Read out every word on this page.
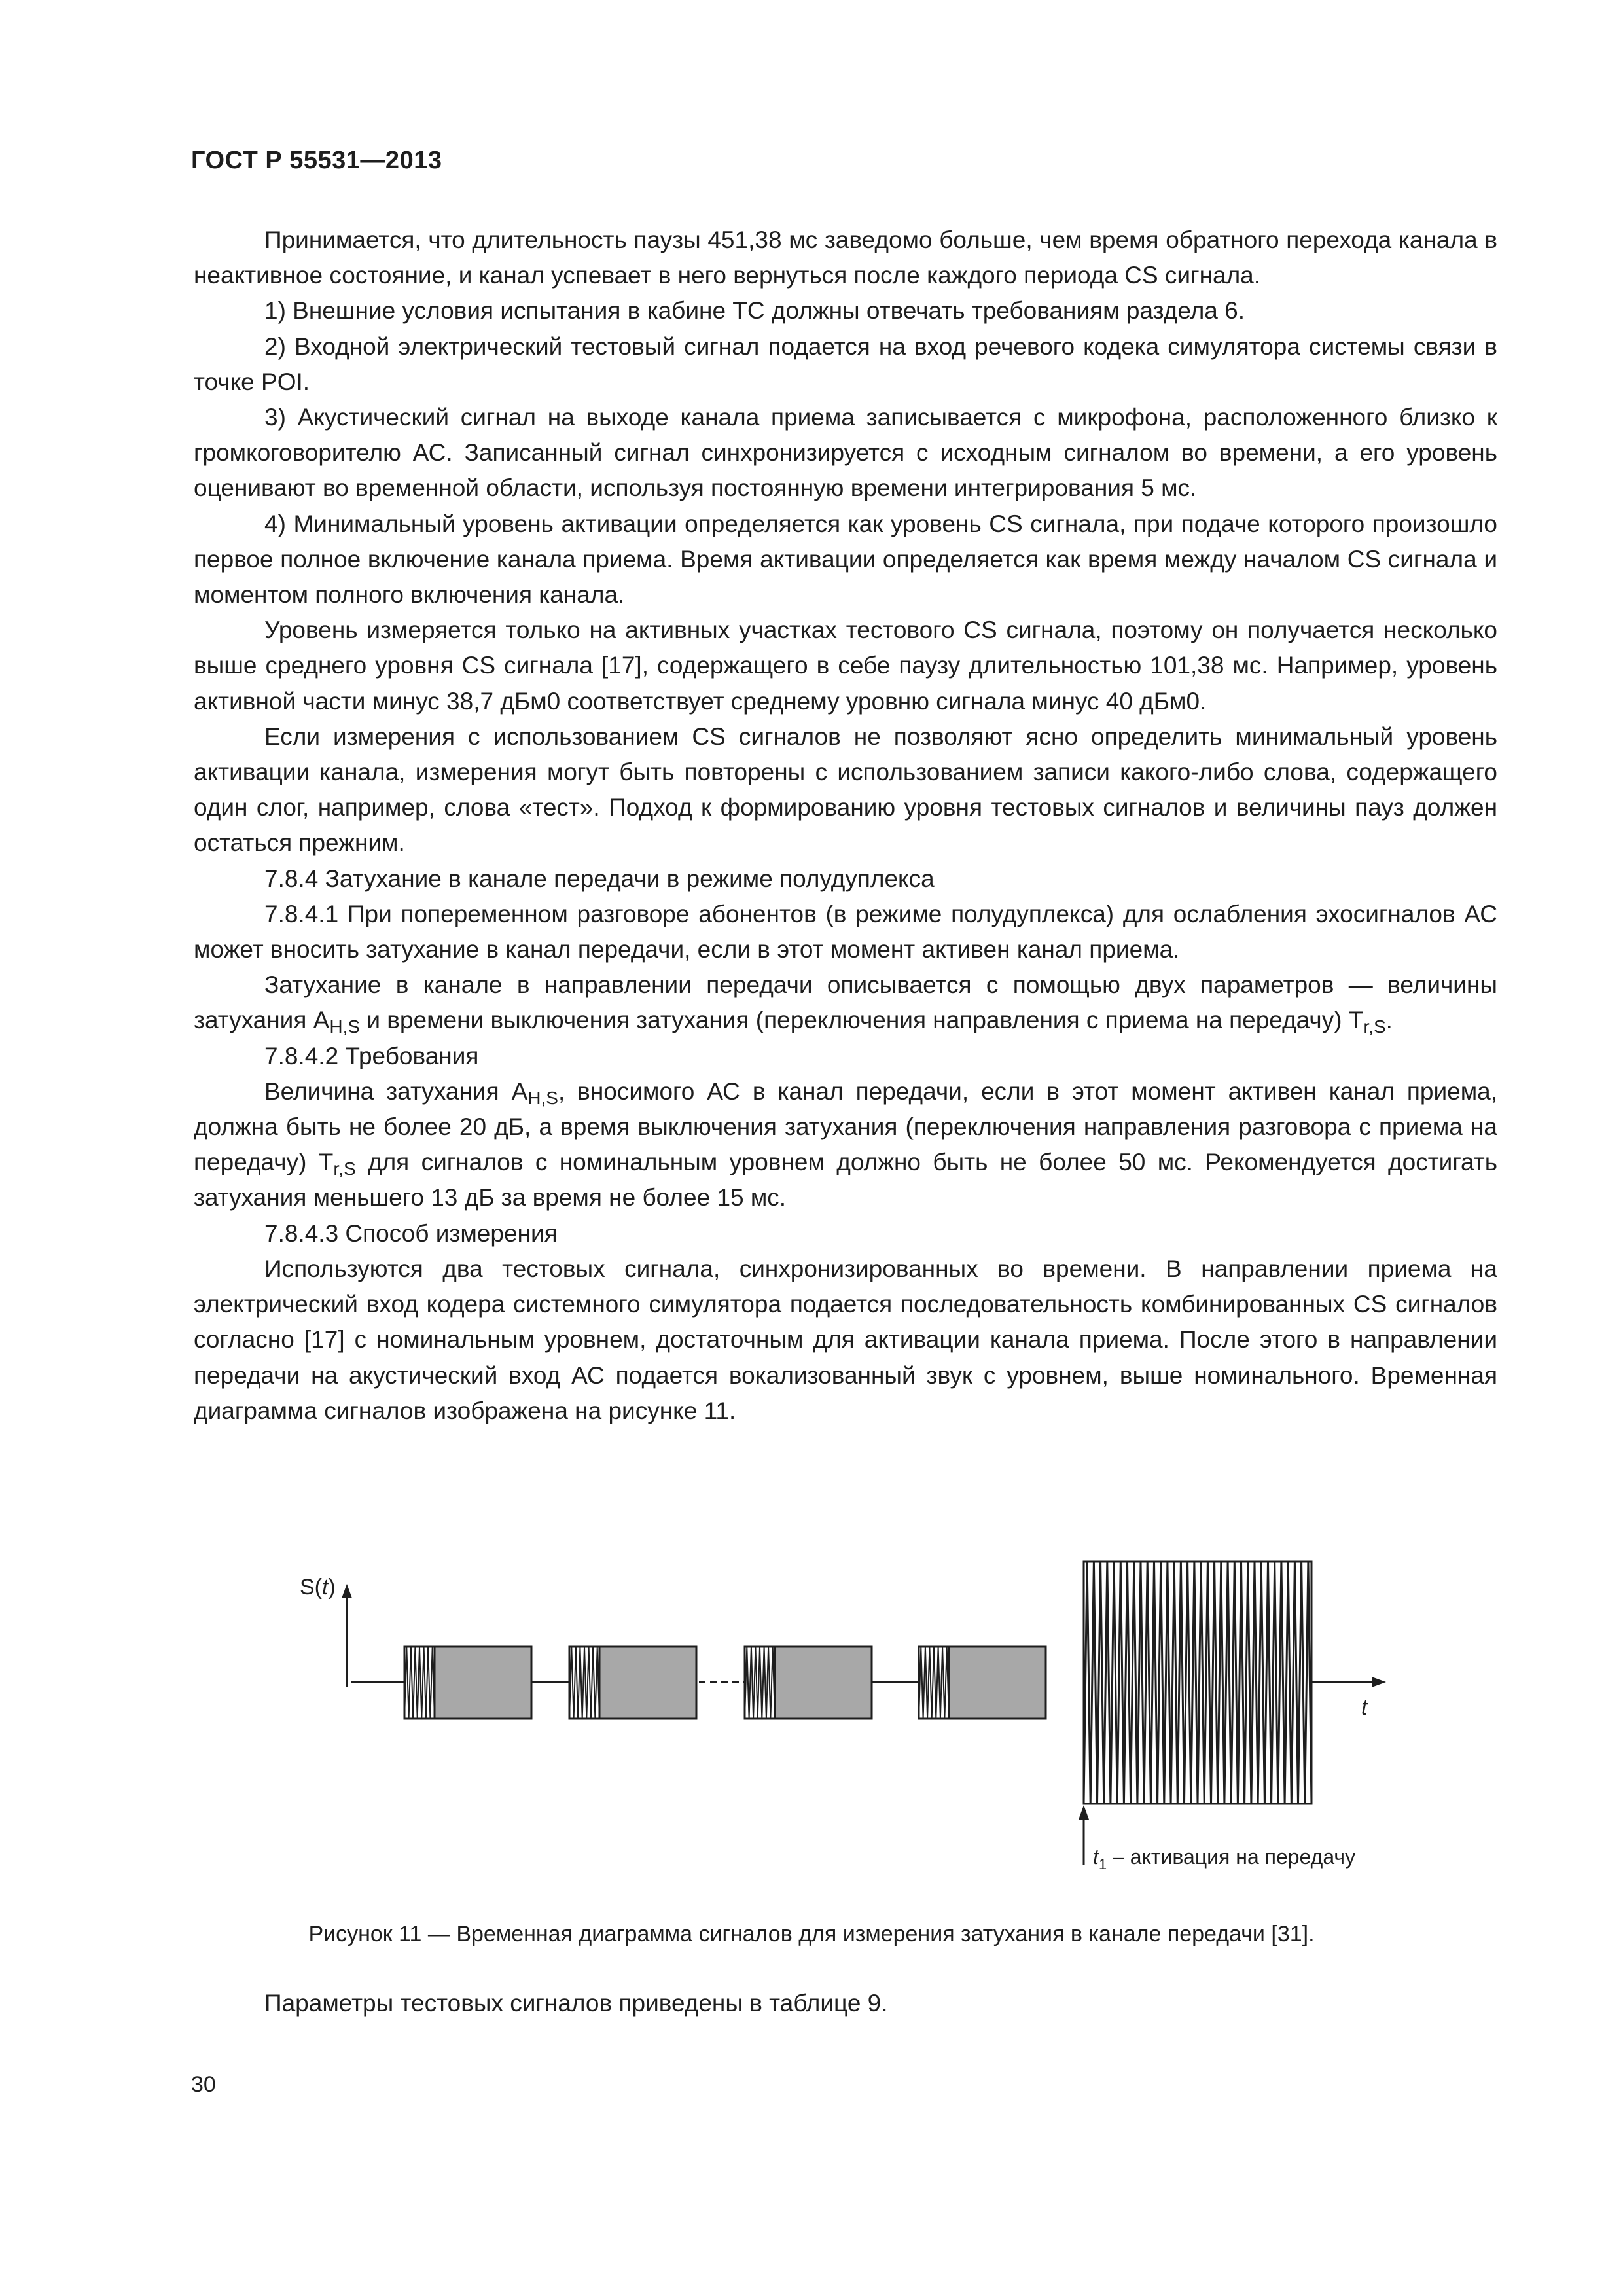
ГОСТ Р 55531—2013

Принимается, что длительность паузы 451,38 мс заведомо больше, чем время обратного перехода канала в неактивное состояние, и канал успевает в него вернуться после каждого периода CS сигнала.

1) Внешние условия испытания в кабине ТС должны отвечать требованиям раздела 6.

2) Входной электрический тестовый сигнал подается на вход речевого кодека симулятора системы связи в точке POI.

3) Акустический сигнал на выходе канала приема записывается с микрофона, расположенного близко к громкоговорителю АС. Записанный сигнал синхронизируется с исходным сигналом во времени, а его уровень оценивают во временной области, используя постоянную времени интегрирования 5 мс.

4) Минимальный уровень активации определяется как уровень CS сигнала, при подаче которого произошло первое полное включение канала приема. Время активации определяется как время между началом CS сигнала и моментом полного включения канала.

Уровень измеряется только на активных участках тестового CS сигнала, поэтому он получается несколько выше среднего уровня CS сигнала [17], содержащего в себе паузу длительностью 101,38 мс. Например, уровень активной части минус 38,7 дБм0 соответствует среднему уровню сигнала минус 40 дБм0.

Если измерения с использованием CS сигналов не позволяют ясно определить минимальный уровень активации канала, измерения могут быть повторены с использованием записи какого-либо слова, содержащего один слог, например, слова «тест». Подход к формированию уровня тестовых сигналов и величины пауз должен остаться прежним.

7.8.4 Затухание в канале передачи в режиме полудуплекса

7.8.4.1 При попеременном разговоре абонентов (в режиме полудуплекса) для ослабления эхосигналов АС может вносить затухание в канал передачи, если в этот момент активен канал приема.

Затухание в канале в направлении передачи описывается с помощью двух параметров — величины затухания $A_{H,S}$ и времени выключения затухания (переключения направления с приема на передачу) $T_{r,S}$.

7.8.4.2 Требования

Величина затухания $A_{H,S}$, вносимого АС в канал передачи, если в этот момент активен канал приема, должна быть не более 20 дБ, а время выключения затухания (переключения направления разговора с приема на передачу) $T_{r,S}$ для сигналов с номинальным уровнем должно быть не более 50 мс. Рекомендуется достигать затухания меньшего 13 дБ за время не более 15 мс.

7.8.4.3 Способ измерения

Используются два тестовых сигнала, синхронизированных во времени. В направлении приема на электрический вход кодера системного симулятора подается последовательность комбинированных CS сигналов согласно [17] с номинальным уровнем, достаточным для активации канала приема. После этого в направлении передачи на акустический вход АС подается вокализованный звук с уровнем, выше номинального. Временная диаграмма сигналов изображена на рисунке 11.

S(t)
t
$t_1$ – активация на передачу
Рисунок 11 — Временная диаграмма сигналов для измерения затухания в канале передачи [31].
Параметры тестовых сигналов приведены в таблице 9.
30
